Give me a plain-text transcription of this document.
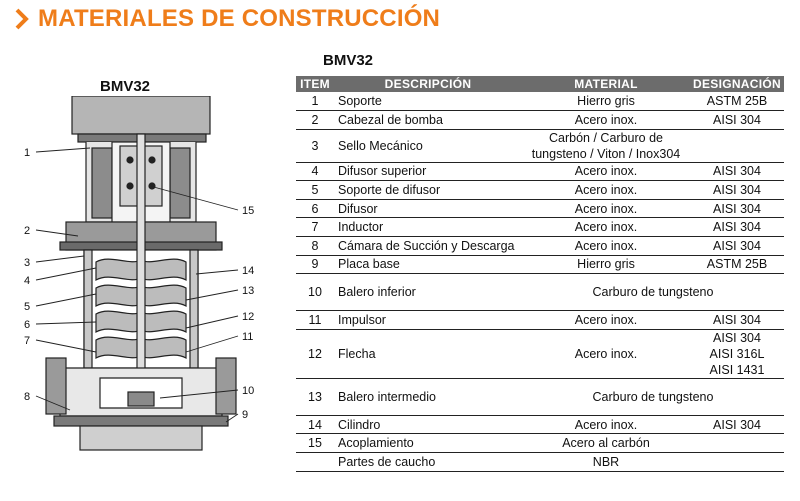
MATERIALES DE CONSTRUCCIÓN
BMV32
1
2
3
4
5
6
7
8
15
14
13
12
11
10
9
BMV32
ITEM	DESCRIPCIÓN	MATERIAL	DESIGNACIÓN
1	Soporte	Hierro gris	ASTM 25B

2	Cabezal de bomba	Acero inox.	AISI 304

3	Sello Mecánico	Carbón / Carburo de
tungsteno / Viton / Inox304	

4	Difusor superior	Acero inox.	AISI 304

5	Soporte de difusor	Acero inox.	AISI 304

6	Difusor	Acero inox.	AISI 304

7	Inductor	Acero inox.	AISI 304

8	Cámara de Succión y Descarga	Acero inox.	AISI 304

9	Placa base	Hierro gris	ASTM 25B

10	Balero inferior	Carburo de tungsteno	

11	Impulsor	Acero inox.	AISI 304

12	Flecha	Acero inox.	AISI 304
AISI 316L
AISI 1431

13	Balero intermedio	Carburo de tungsteno	

14	Cilindro	Acero inox.	AISI 304

15	Acoplamiento	Acero al carbón	

	Partes de caucho	NBR	
